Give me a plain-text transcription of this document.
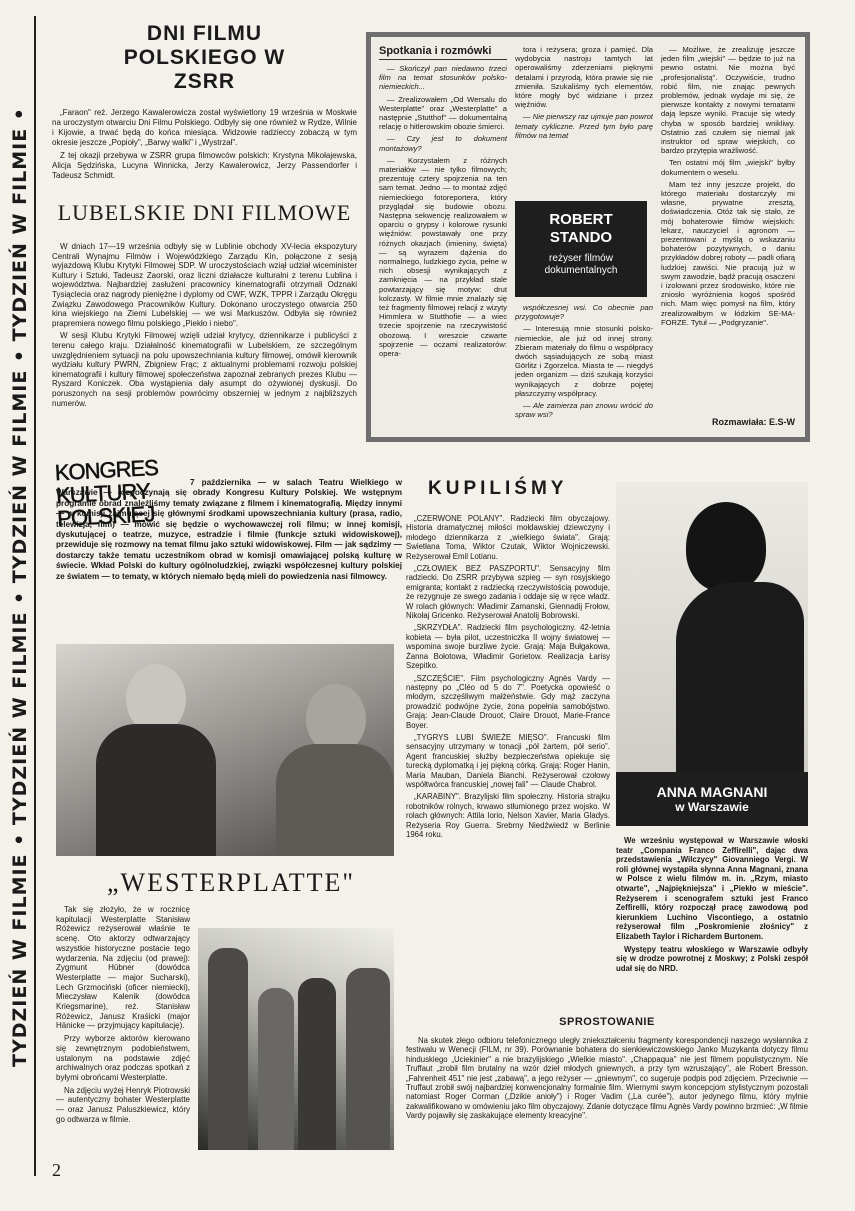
TYDZIEŃ W FILMIE • TYDZIEŃ W FILMIE • TYDZIEŃ W FILMIE • TYDZIEŃ W FILMIE •
DNI FILMU POLSKIEGO W ZSRR

„Faraon" reż. Jerzego Kawalerowicza został wyświetlony 19 września w Moskwie na uroczystym otwarciu Dni Filmu Polskiego. Odbyły się one również w Rydze, Wilnie i Kijowie, a trwać będą do końca miesiąca. Widzowie radzieccy zobaczą w tym okresie jeszcze „Popioły", „Barwy walki" i „Wystrzał".

Z tej okazji przebywa w ZSRR grupa filmowców polskich: Krystyna Mikołajewska, Alicja Sędzińska, Lucyna Winnicka, Jerzy Kawalerowicz, Jerzy Passendorfer i Tadeusz Schmidt.

LUBELSKIE DNI FILMOWE

W dniach 17—19 września odbyły się w Lublinie obchody XV-lecia ekspozytury Centrali Wynajmu Filmów i Wojewódzkiego Zarządu Kin, połączone z sesją wyjazdową Klubu Krytyki Filmowej SDP. W uroczystościach wziął udział wiceminister Kultury i Sztuki, Tadeusz Zaorski, oraz liczni działacze kulturalni z terenu Lublina i województwa. Najbardziej zasłużeni pracownicy kinematografii otrzymali Odznaki Tysiąclecia oraz nagrody pieniężne i dyplomy od CWF, WZK, TPPR i Zarządu Okręgu Związku Zawodowego Pracowników Kultury. Dokonano uroczystego otwarcia 250 kina wiejskiego na Ziemi Lubelskiej — we wsi Markuszów. Odbyła się również prapremiera nowego filmu polskiego „Piekło i niebo".

W sesji Klubu Krytyki Filmowej wzięli udział krytycy, dziennikarze i publicyści z terenu całego kraju. Działalność kinematografii w Lubelskiem, ze szczególnym uwzględnieniem sytuacji na polu upowszechniania kultury filmowej, omówił kierownik wydziału kultury PWRN, Zbigniew Frąc; z aktualnymi problemami rozwoju polskiej kinematografii i kultury filmowej społeczeństwa zapoznał zebranych prezes Klubu — Ryszard Koniczek. Oba wystąpienia dały asumpt do ożywionej dyskusji. Do poruszonych na sesji problemów powrócimy obszerniej w jednym z najbliższych numerów.

Spotkania i rozmówki

— Skończył pan niedawno trzeci film na temat stosunków polsko-niemieckich...

— Zrealizowałem „Od Wersalu do Westerplatte" oraz „Westerplatte" a następnie „Stutthof" — dokumentalną relację o hitlerowskim obozie śmierci.

— Czy jest to dokument montażowy?

— Korzystałem z różnych materiałów — nie tylko filmowych; prezentuję cztery spojrzenia na ten sam temat. Jedno — to montaż zdjęć niemieckiego fotoreportera, który przyglądał się budowie obozu. Następna sekwencję realizowałem w oparciu o grypsy i kolorowe rysunki więźniów: powstawały one przy różnych okazjach (imieniny, święta) — są wyrazem dążenia do normalnego, ludzkiego życia, pełne w nich obsesji wynikających z zamknięcia — na przykład stale powtarzający się motyw: drut kolczasty. W filmie mnie znalazły się też fragmenty filmowej relacji z wizyty Himmlera w Stutthofie — a wiec trzecie spojrzenie na rzeczywistość obozową. I wreszcie czwarte spojrzenie — oczami realizatorów: opera-

tora i reżysera; groza i pamięć. Dla wydobycia nastroju tamtych lat operowaliśmy zderzeniami pięknymi detalami i przyrodą, która prawie się nie zmieniła. Szukaliśmy tych elementów, które mogły być widziane i przez więźniów.

— Nie pierwszy raz ujmuje pan powrot tematy cykliczne. Przed tym było parę filmów na temat

ROBERT
STANDO
reżyser filmów dokumentalnych

współczesnej wsi. Co obecnie pan przygotowuje?

— Interesują mnie stosunki polsko-niemieckie, ale już od innej strony. Zbieram materiały do filmu o współpracy dwóch sąsiadujących ze sobą miast Görlitz i Zgorzelca. Miasta te — niegdyś jeden organizm — dziś szukają korzyści wynikających z dobrze pojętej płaszczyzny współpracy.

— Ale zamierza pan znowu wrócić do spraw wsi?

— Możliwe, że zrealizuję jeszcze jeden film „wiejski" — będzie to już na pewno ostatni. Nie można być „profesjonalistą". Oczywiście, trudno robić film, nie znając pewnych problemów, jednak wydaje mi się, że pierwsze kontakty z nowymi tematami dają lepsze wyniki. Pracuje się wtedy chyba w sposób bardziej wnikliwy. Ostatnio zaś czułem się niemal jak instruktor od spraw wiejskich, co bardzo przytępia wrażliwość.

Ten ostatni mój film „wiejski" byłby dokumentem o weselu.

Mam też inny jeszcze projekt, do którego materiału dostarczyły mi własne, prywatne zresztą, doświadczenia. Otóż tak się stało, że mój bohaterowie filmów wiejskich: lekarz, nauczyciel i agronom — prezentowani z myślą o wskazaniu bohaterów pozytywnych, o daniu przykładów dobrej roboty — padli ofiarą ludzkiej zawiści. Nie pracują już w swym zawodzie, bądź pracują osaczeni i izolowani przez środowisko, które nie zniosło wyróżnienia kogoś spośród nich. Mam więc pomysł na film, który zrealizowałbym w łódzkim SE-MA-FORZE. Tytuł — „Podgryzanie".

Rozmawiała: E.S-W
KONGRES KULTURY POLSKIEJ
7 października — w salach Teatru Wielkiego w Warszawie — rozpoczynają się obrady Kongresu Kultury Polskiej. We wstępnym programie obrad znaleźliśmy tematy związane z filmem i kinematografią. Między innymi — w komisji zajmującej się głównymi środkami upowszechniania kultury (prasa, radio, telewizja, film) — mówić się będzie o wychowawczej roli filmu; w innej komisji, dyskutującej o teatrze, muzyce, estradzie i filmie (funkcje sztuki widowiskowej), przewiduje się rozmowy na temat filmu jako sztuki widowiskowej. Film — jak sądzimy — dostarczy także tematu uczestnikom obrad w komisji omawiającej polską kulturę w świecie. Wkład Polski do kultury ogólnoludzkiej, związki współczesnej kultury polskiej ze światem — to tematy, w których niemało będą mieli do powiedzenia nasi filmowcy.
„WESTERPLATTE"

Tak się złożyło, że w rocznicę kapitulacji Westerplatte Stanisław Różewicz reżyserował właśnie te scenę. Oto aktorzy odtwarzający wszystkie historyczne postacie tego wydarzenia. Na zdjęciu (od prawej): Zygmunt Hübner (dowódca Westerplatte — major Sucharski), Lech Grzmociński (oficer niemiecki), Mieczysław Kalenik (dowódca Kriegsmarine), reż. Stanisław Różewicz, Janusz Kraśicki (major Hänicke — przyjmujący kapitulację).

Przy wyborze aktorów kierowano się zewnętrznym podobieństwem, ustalonym na podstawie zdjęć archiwalnych oraz podczas spotkań z byłymi obrońcami Westerplatte.

Na zdjęciu wyżej Henryk Piotrowski — autentyczny bohater Westerplatte — oraz Janusz Paluszkiewicz, który go odtwarza w filmie.

KUPILIŚMY

„CZERWONE POLANY". Radziecki film obyczajowy. Historia dramatycznej miłości mołdawskiej dziewczyny i młodego dziennikarza z „wielkiego świata". Grają: Swietłana Toma, Wiktor Czutak, Wiktor Wojniczewski. Reżyserował Emil Lotianu.

„CZŁOWIEK BEZ PASZPORTU". Sensacyjny film radziecki. Do ZSRR przybywa szpieg — syn rosyjskiego emigranta; kontakt z radziecką rzeczywistością powoduje, że rezygnuje ze swego zadania i oddaje się w ręce władz. W rolach głównych: Władimir Zamanski, Giennadij Frołow, Nikołaj Gricenko. Reżyserował Anatolij Bobrowski.

„SKRZYDŁA". Radziecki film psychologiczny. 42-letnia kobieta — była pilot, uczestniczka II wojny światowej — wspomina swoje burzliwe życie. Grają: Maja Bułgakowa, Żanna Bołotowa, Władimir Gorietow. Realizacja Łarisy Szepitko.

„SZCZĘŚCIE". Film psychologiczny Agnès Vardy — następny po „Cléo od 5 do 7". Poetycka opowieść o młodym, szczęśliwym małżeństwie. Gdy mąż zaczyna prowadzić podwójne życie, żona popełnia samobójstwo. Grają: Jean-Claude Drouot, Claire Drouot, Marie-France Boyer.

„TYGRYS LUBI ŚWIEŻE MIĘSO". Francuski film sensacyjny utrzymany w tonacji „pół żartem, pół serio". Agent francuskiej służby bezpieczeństwa opiekuje się turecką dyplomatką i jej piękną córką. Grają: Roger Hanin, Maria Mauban, Daniela Bianchi. Reżyserował czołowy współtwórca francuskiej „nowej fali" — Claude Chabrol.

„KARABINY". Brazylijski film społeczny. Historia strajku robotników rolnych, krwawo stłumionego przez wojsko. W rolach głównych: Attila Iorio, Nelson Xavier, Maria Gladys. Reżyseria Roy Guerra. Srebrny Niedźwiedź w Berlinie 1964 roku.

ANNA MAGNANI
w Warszawie

We wrześniu występował w Warszawie włoski teatr „Compania Franco Zeffirelli", dając dwa przedstawienia „Wilczycy" Giovanniego Vergi. W roli głównej wystąpiła słynna Anna Magnani, znana w Polsce z wielu filmów m. in. „Rzym, miasto otwarte", „Najpiękniejsza" i „Piekło w mieście". Reżyserem i scenografem sztuki jest Franco Zeffirelli, który rozpoczął pracę zawodową pod kierunkiem Luchino Viscontiego, a ostatnio reżyserował film „Poskromienie złośnicy" z Elizabeth Taylor i Richardem Burtonem.

Występy teatru włoskiego w Warszawie odbyły się w drodze powrotnej z Moskwy; z Polski zespół udał się do NRD.

SPROSTOWANIE
Na skutek złego odbioru telefonicznego uległy zniekształceniu fragmenty korespondencji naszego wysłannika z festiwalu w Wenecji (FILM, nr 39). Porównanie bohatera do sienkiewiczowskiego Janko Muzykanta dotyczy filmu hinduskiego „Uciekinier" a nie brazylijskiego „Wielkie miasto". „Chappaqua" nie jest filmem populistycznym. Nie Truffaut „zrobił film brutalny na wzór dzieł młodych gniewnych, a przy tym wzruszający", ale Robert Bresson. „Fahrenheit 451" nie jest „zabawą", a jego reżyser — „gniewnym", co sugeruje podpis pod zdjęciem. Przeciwnie — Truffaut zrobił swój najbardziej konwencjonalny formalnie film. Wiernymi swym koncepcjom stylistycznym pozostali natomiast Roger Corman („Dzikie anioły") i Roger Vadim („La curée"), autor jedynego filmu, który mylnie zakwalifikowano w omówieniu jako film obyczajowy. Zdanie dotyczące filmu Agnès Vardy powinno brzmieć: „W filmie Vardy pojawiły się zaskakujące elementy kreacyjne".
2
